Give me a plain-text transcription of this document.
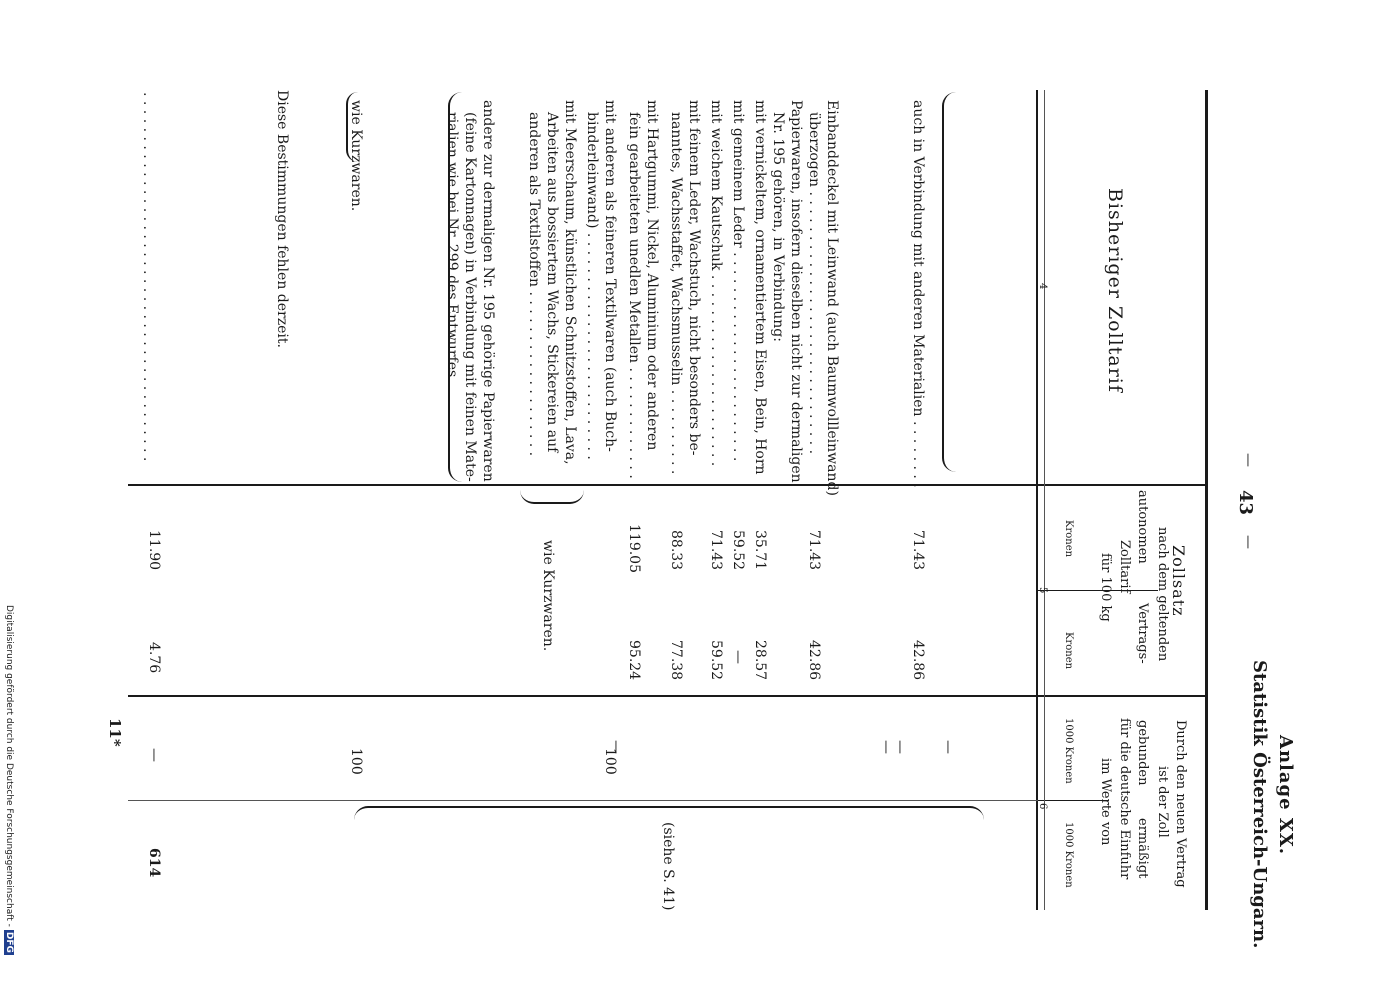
Anlage XX.
Statistik Österreich-Ungarn.
—
43
—
Bisheriger Zolltarif
4
Zollsatz
nach dem geltenden
autonomen
Vertrags-
Zolltarif
für 100 kg
Kronen
Kronen
5
Durch den neuen Vertrag
ist der Zoll
gebunden
ermäßigt
für die deutsche Einfuhr
im Werte von
1000 Kronen
1000 Kronen
6
auch in Verbindung mit anderen Materialien . . . . . . . .
71.43
42.86
—
Einbanddeckel mit Leinwand (auch Baumwollleinwand)
überzogen . . . . . . . . . . . . . . . . . . . . . . . . . . . . . .
71.43
42.86
—
—
Papierwaren, insofern dieselben nicht zur dermaligen
Nr. 195 gehören, in Verbindung:
mit vernickeltem, ornamentiertem Eisen, Bein, Horn
35.71
28.57
mit gemeinem Leder . . . . . . . . . . . . . . . . . . . . . . . .
59.52
—
mit weichem Kautschuk . . . . . . . . . . . . . . . . . . . . . .
71.43
59.52
mit feinem Leder, Wachstuch, nicht besonders be-
nanntes, Wachsstaffet, Wachsmusselin . . . . . . . . . .
88.33
77.38
mit Hartgummi, Nickel, Aluminium oder anderen
fein gearbeiteten unedlen Metallen . . . . . . . . . . . . .
119.05
95.24
mit anderen als feineren Textilwaren (auch Buch-
binderleinwand) . . . . . . . . . . . . . . . . . . . . . . . . . .
mit Meerschaum, künstlichen Schnitzstoffen, Lava,
Arbeiten aus bossiertem Wachs, Stickereien auf
anderen als Textilstoffen . . . . . . . . . . . . . . . . . . .
wie Kurzwaren.
—
andere zur dermaligen Nr. 195 gehörige Papierwaren
(feine Kartonnagen) in Verbindung mit feinen Mate-
rialien wie bei Nr. 299 des Entwurfes.
100
(siehe S. 41)
wie Kurzwaren.
100
Diese Bestimmungen fehlen derzeit.
. . . . . . . . . . . . . . . . . . . . . . . . . . . . . . . . . . . . . . . . . .
11.90
4.76
—
614
11*
Digitalisierung gefördert durch die Deutsche Forschungsgemeinschaft -DFG
